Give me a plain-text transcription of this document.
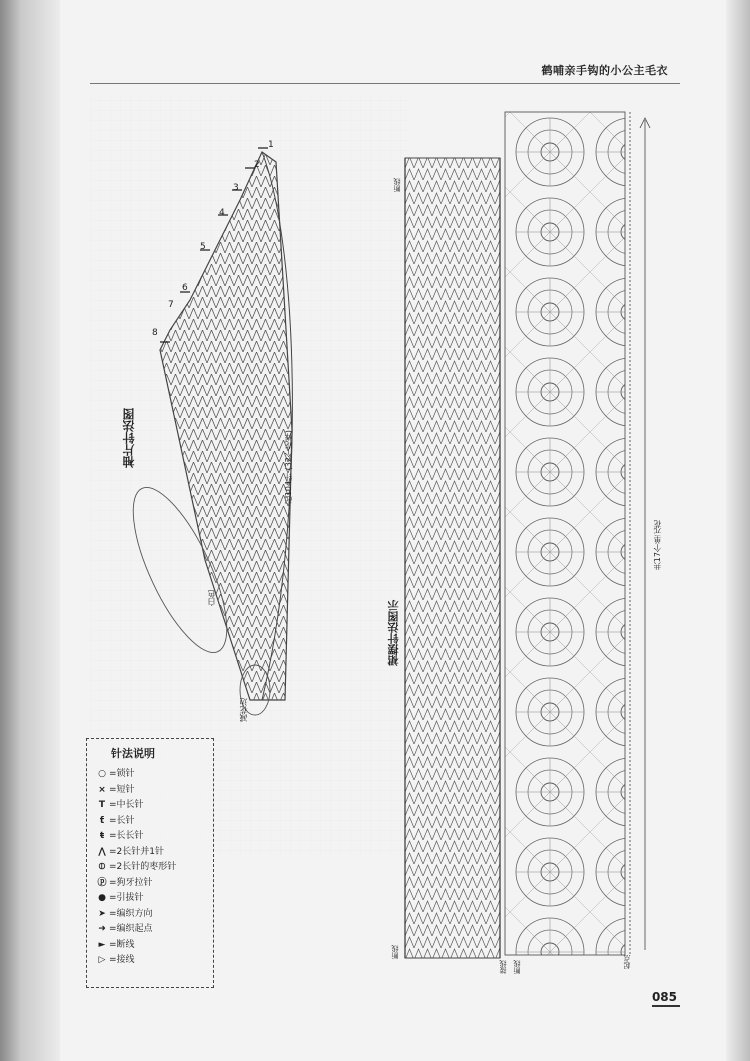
鹤哺亲手钩的小公主毛衣
袖片针法图	起104针 (32个花样)
白色
减花边
1
2
3
4
5
6
7
8
裙摆针法图示
断线
断线
共17个单元花
接线 断线	起点
针法说明
○ =锁针
× =短针
T =中长针
ƭ =长针
ŧ =长长针
⋀ =2长针并1针
⦶ =2长针的枣形针
ⓟ =狗牙拉针
● =引拔针
➤ =编织方向
➜ =编织起点
► =断线
▷ =接线
085
